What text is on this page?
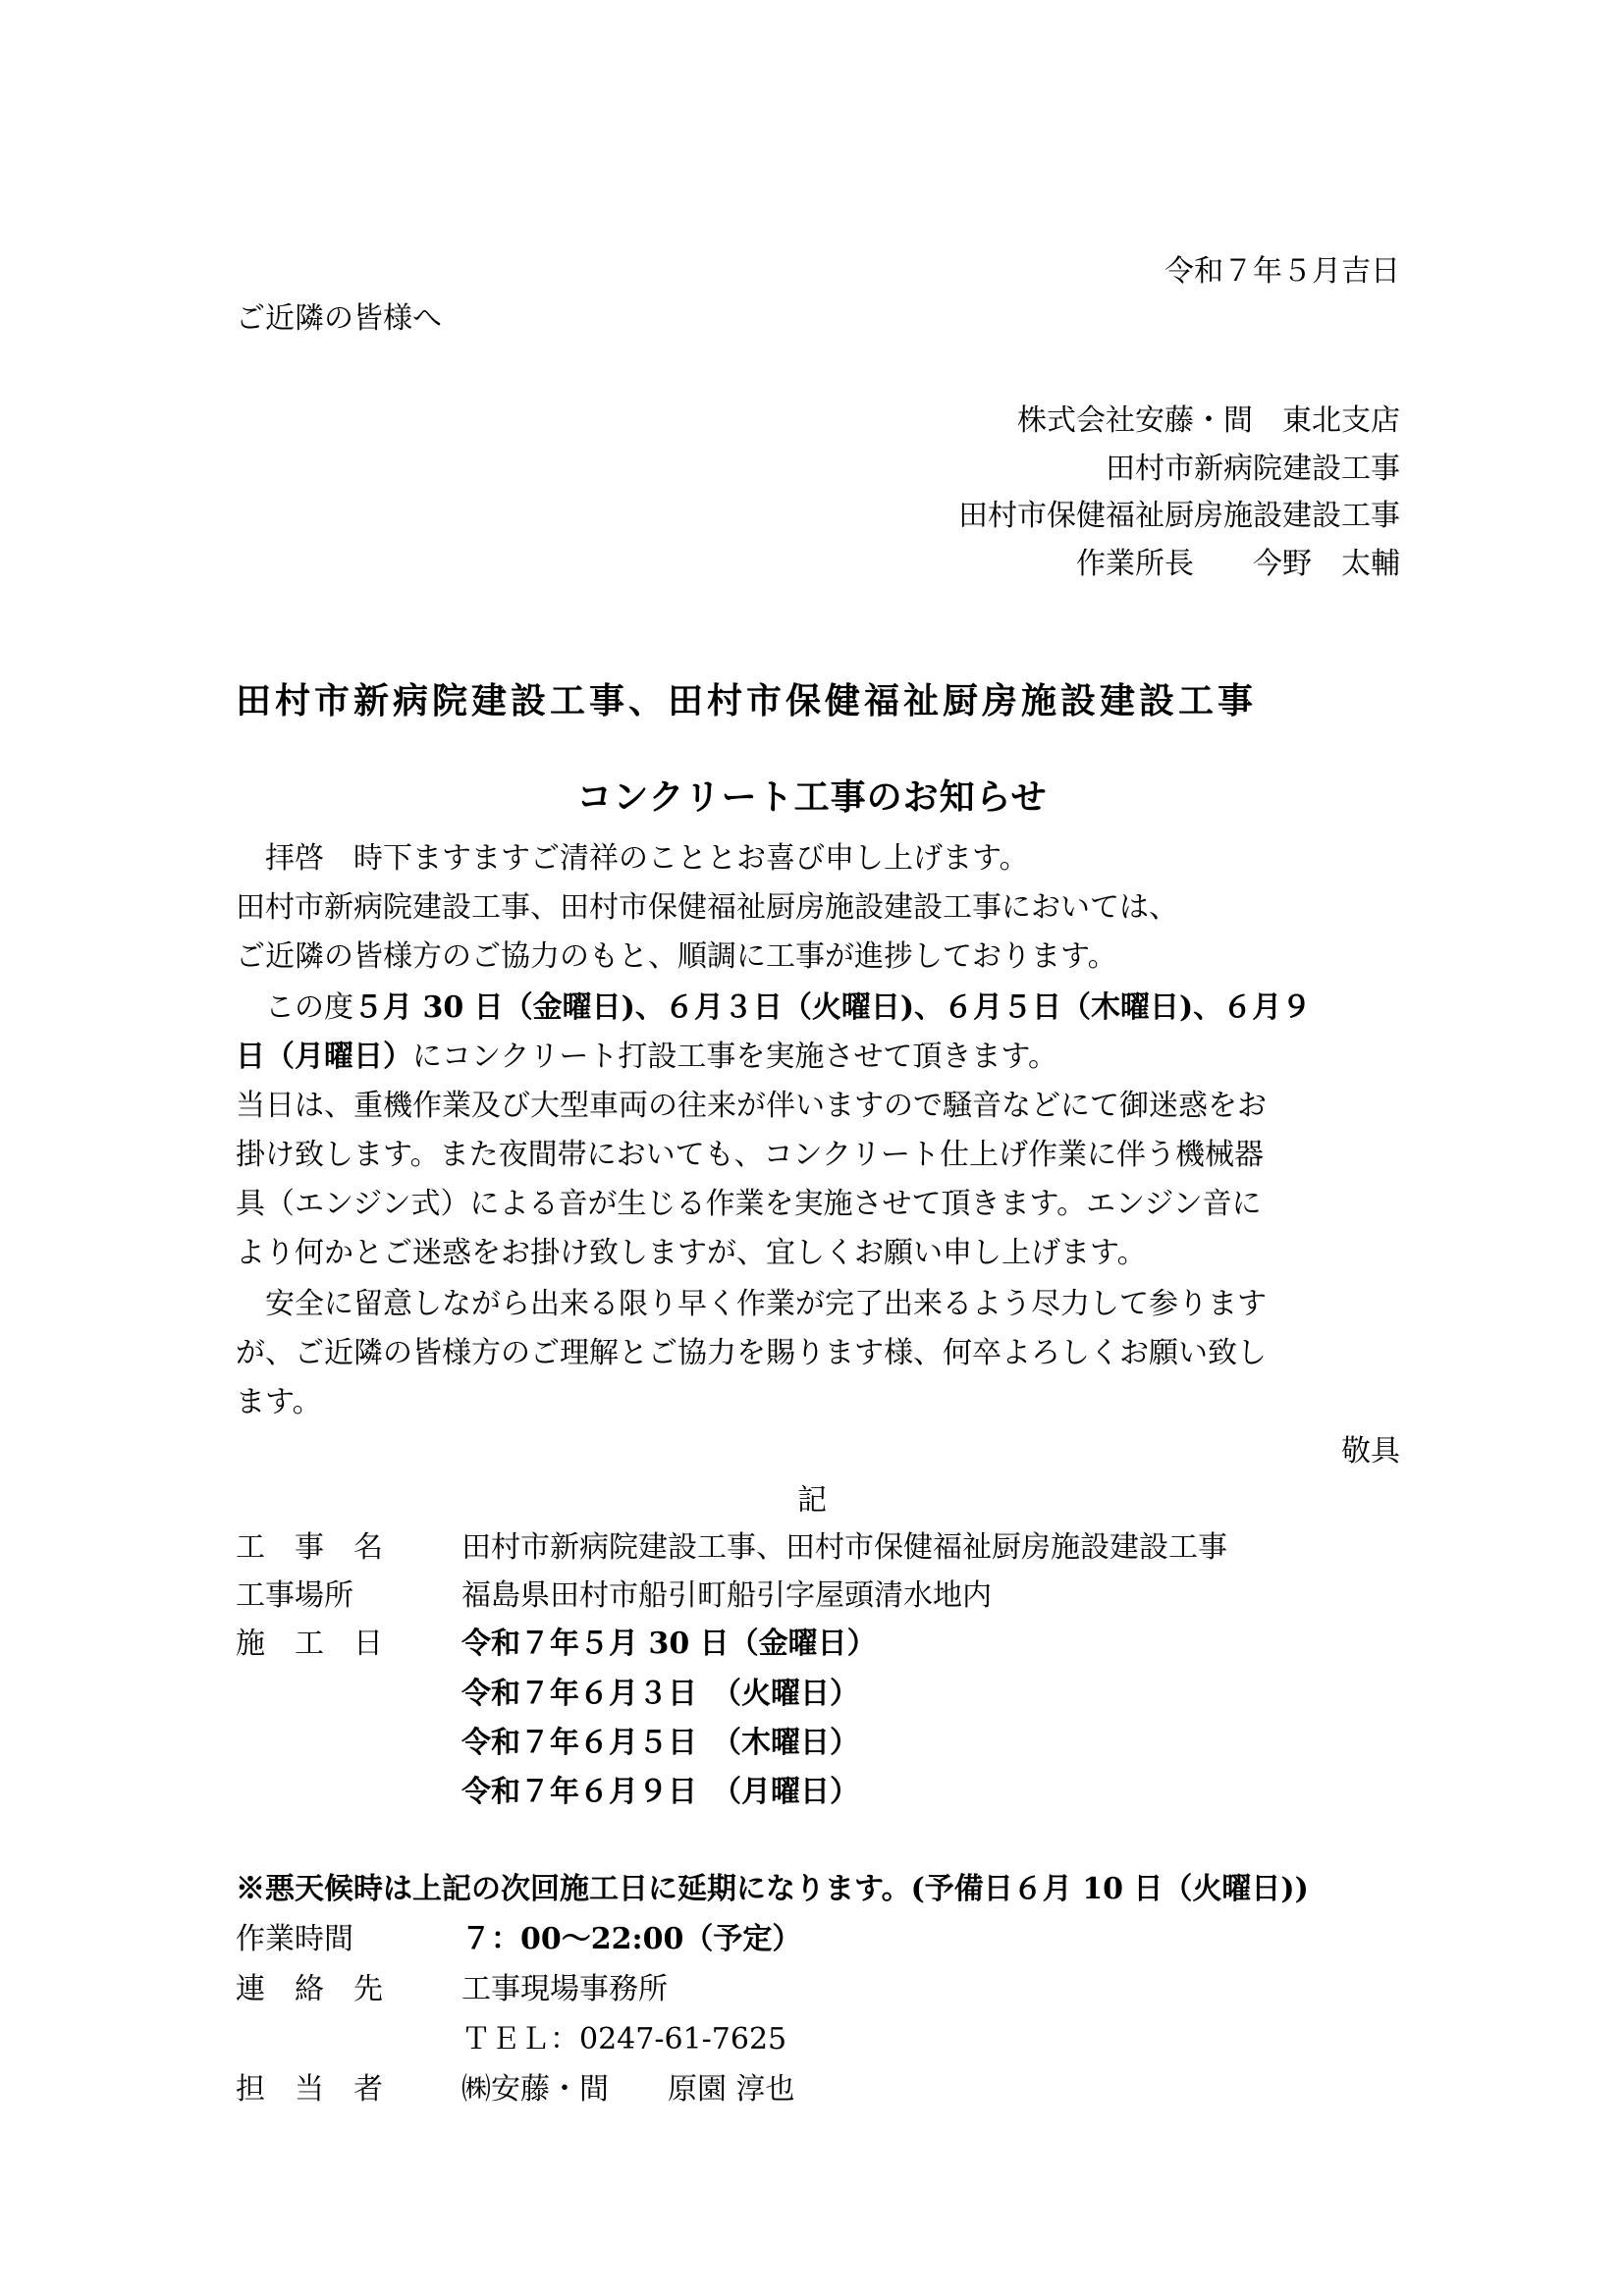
令和７年５月吉日
ご近隣の皆様へ
株式会社安藤・間　東北支店
田村市新病院建設工事
田村市保健福祉厨房施設建設工事
作業所長　　今野　太輔
田村市新病院建設工事、田村市保健福祉厨房施設建設工事
コンクリート工事のお知らせ
拝啓　時下ますますご清祥のこととお喜び申し上げます。
田村市新病院建設工事、田村市保健福祉厨房施設建設工事においては、
ご近隣の皆様方のご協力のもと、順調に工事が進捗しております。
この度５月 30 日（金曜日)、６月３日（火曜日)、６月５日（木曜日)、６月９
日（月曜日）にコンクリート打設工事を実施させて頂きます。
当日は、重機作業及び大型車両の往来が伴いますので騒音などにて御迷惑をお
掛け致します。また夜間帯においても、コンクリート仕上げ作業に伴う機械器
具（エンジン式）による音が生じる作業を実施させて頂きます。エンジン音に
より何かとご迷惑をお掛け致しますが、宜しくお願い申し上げます。
安全に留意しながら出来る限り早く作業が完了出来るよう尽力して参ります
が、ご近隣の皆様方のご理解とご協力を賜ります様、何卒よろしくお願い致し
ます。
敬具
記
工　事　名	田村市新病院建設工事、田村市保健福祉厨房施設建設工事
工事場所	福島県田村市船引町船引字屋頭清水地内
施　工　日	令和７年５月 30 日（金曜日）
令和７年６月３日　（火曜日）
令和７年６月５日　（木曜日）
令和７年６月９日　（月曜日）
※悪天候時は上記の次回施工日に延期になります。(予備日６月 10 日（火曜日))
作業時間	７：00～22:00（予定）
連　絡　先	工事現場事務所
ＴＥＬ：0247-61-7625
担　当　者	㈱安藤・間　　原園 淳也
